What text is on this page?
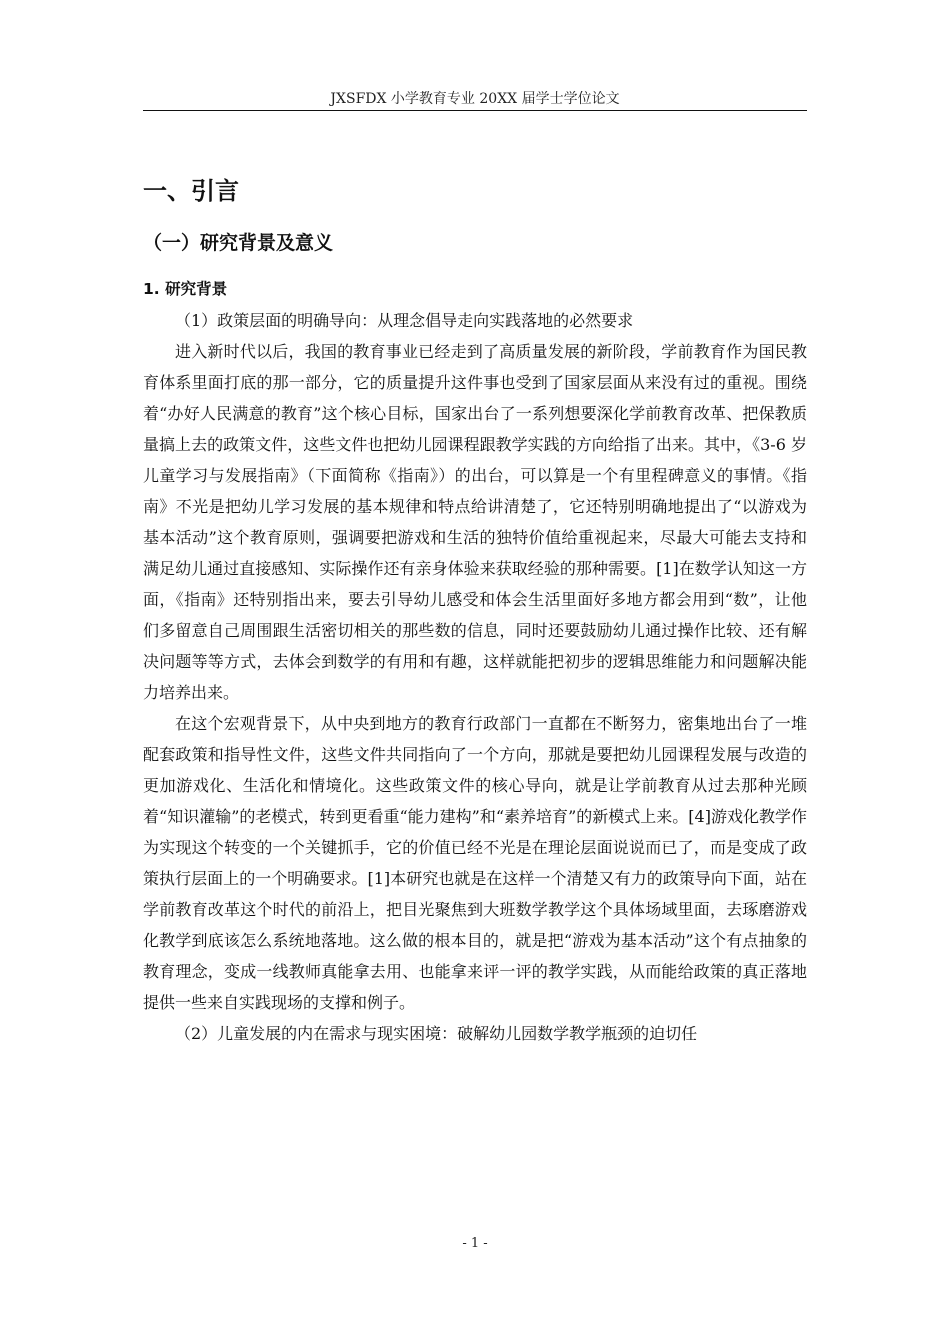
JXSFDX 小学教育专业 20XX 届学士学位论文
一、引言
（一）研究背景及意义
1. 研究背景

（1）政策层面的明确导向：从理念倡导走向实践落地的必然要求

进入新时代以后，我国的教育事业已经走到了高质量发展的新阶段，学前教育作为国民教育体系里面打底的那一部分，它的质量提升这件事也受到了国家层面从来没有过的重视。围绕着“办好人民满意的教育”这个核心目标，国家出台了一系列想要深化学前教育改革、把保教质量搞上去的政策文件，这些文件也把幼儿园课程跟教学实践的方向给指了出来。其中，《3-6 岁儿童学习与发展指南》（下面简称《指南》）的出台，可以算是一个有里程碑意义的事情。《指南》不光是把幼儿学习发展的基本规律和特点给讲清楚了，它还特别明确地提出了“以游戏为基本活动”这个教育原则，强调要把游戏和生活的独特价值给重视起来，尽最大可能去支持和满足幼儿通过直接感知、实际操作还有亲身体验来获取经验的那种需要。[1]在数学认知这一方面，《指南》还特别指出来，要去引导幼儿感受和体会生活里面好多地方都会用到“数”，让他们多留意自己周围跟生活密切相关的那些数的信息，同时还要鼓励幼儿通过操作比较、还有解决问题等等方式，去体会到数学的有用和有趣，这样就能把初步的逻辑思维能力和问题解决能力培养出来。

在这个宏观背景下，从中央到地方的教育行政部门一直都在不断努力，密集地出台了一堆配套政策和指导性文件，这些文件共同指向了一个方向，那就是要把幼儿园课程发展与改造的更加游戏化、生活化和情境化。这些政策文件的核心导向，就是让学前教育从过去那种光顾着“知识灌输”的老模式，转到更看重“能力建构”和“素养培育”的新模式上来。[4]游戏化教学作为实现这个转变的一个关键抓手，它的价值已经不光是在理论层面说说而已了，而是变成了政策执行层面上的一个明确要求。[1]本研究也就是在这样一个清楚又有力的政策导向下面，站在学前教育改革这个时代的前沿上，把目光聚焦到大班数学教学这个具体场域里面，去琢磨游戏化教学到底该怎么系统地落地。这么做的根本目的，就是把“游戏为基本活动”这个有点抽象的教育理念，变成一线教师真能拿去用、也能拿来评一评的教学实践，从而能给政策的真正落地提供一些来自实践现场的支撑和例子。

（2）儿童发展的内在需求与现实困境：破解幼儿园数学教学瓶颈的迫切任

- 1 -
